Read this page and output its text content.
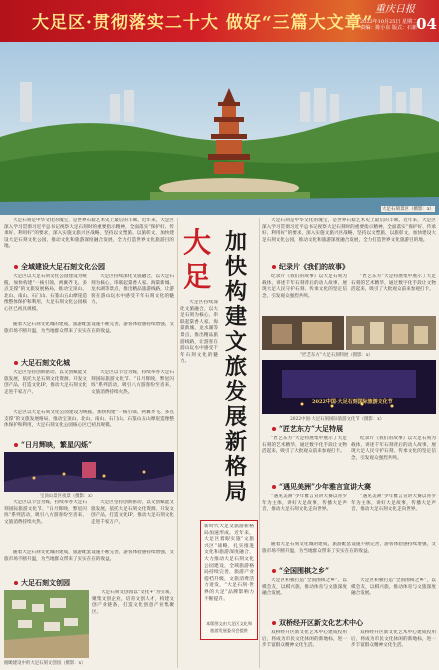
大足区·贯彻落实二十大 做好“三篇大文章”
重庆日报
2022年10月25日 星期二
责编：陈小东 版式：石新 04
大足石刻景区（摄影：x）

大足石刻是中华文化的瑰宝，是世界石窟艺术史上最后的丰碑。近年来，大足区深入学习贯彻习近平总书记视察大足石刻时的重要指示精神，全面落实“保护好、传承好、利用好”的要求，深入实施文旅兴区战略，坚持以文塑旅、以旅彰文，加快建设大足石刻文化公园，推动文化和旅游深度融合发展，全力打造世界文化旅游目的地。

全域建设大足石刻文化公园

大足区以大足石刻文化公园建设为统揽，加快构建“一核引领、两翼齐飞、多点支撑”的文旅发展格局，推动宝顶山、北山、南山、石门山、石篆山五山摩崖造像整体保护和利用，大足石刻文化公园核心区已初具规模。

大足区持续深化文旅融合，以大足石刻为核心，串联起棠香人家、海棠新城、龙水湖等景点，推出精品旅游线路，让游客在游山玩水中感受千年石刻文化的魅力。

随着大足石刻文化城的建成，旅游配套设施不断完善，游客体验感持续增强，文旅市场不断升温，为当地群众带来了实实在在的收益。

大足石刻文化城

大足区坚持创新驱动，以文创赋能文旅发展，依托大足石刻文化资源，开发文创产品，打造文化IP，推动大足石刻文化走进千家万户。

大足区以节会为媒，持续举办大足石刻国际旅游文化节、“日月辉映，繁星闪烁”系列活动，吸引八方游客纷至沓来，文旅消费持续火热。

大足区以大足石刻文化公园建设为统揽，加快构建“一核引领、两翼齐飞、多点支撑”的文旅发展格局，推动宝顶山、北山、南山、石门山、石篆山五山摩崖造像整体保护和利用，大足石刻文化公园核心区已初具规模。

“日月辉映，繁星闪烁”
宝顶山景区夜景（摄影：x）

大足区以节会为媒，持续举办大足石刻国际旅游文化节、“日月辉映，繁星闪烁”系列活动，吸引八方游客纷至沓来，文旅消费持续火热。

大足区坚持创新驱动，以文创赋能文旅发展，依托大足石刻文化资源，开发文创产品，打造文化IP，推动大足石刻文化走进千家万户。

随着大足石刻文化城的建成，旅游配套设施不断完善，游客体验感持续增强，文旅市场不断升温，为当地群众带来了实实在在的收益。

大足石刻文创园

大足石刻文创园以“文化+”为引领，聚集文创企业，培育文创人才，构建文创产业链条，打造文化创意产业集聚区。

俯瞰建设中的大足石刻文创园（摄影：x）
大足
加快构建文旅发展新格局

大足区持续深化文旅融合，以大足石刻为核心，串联起棠香人家、海棠新城、龙水湖等景点，推出精品旅游线路，让游客在游山玩水中感受千年石刻文化的魅力。

新时代大足文旅游新格局加速形成。近年来，大足区着眼实施“文旅兴区”战略，扎实推进文化和旅游深度融合，大力推动大足石刻文化公园建设，全域旅游格局持续完善，旅游产业提档升级，文旅消费活力迸发，“大足石刻·世界的大足”品牌影响力不断提升。
本版图文由大足区文化和旅游发展委员会提供

大足石刻是中华文化的瑰宝，是世界石窟艺术史上最后的丰碑。近年来，大足区深入学习贯彻习近平总书记视察大足石刻时的重要指示精神，全面落实“保护好、传承好、利用好”的要求，深入实施文旅兴区战略，坚持以文塑旅、以旅彰文，加快建设大足石刻文化公园，推动文化和旅游深度融合发展，全力打造世界文化旅游目的地。

纪录片《我们的故事》

纪录片《我们的故事》以大足石刻为载体，讲述千年石刻背后的动人故事，展现大足人民守护石刻、传承文化的坚定信念，引发观众强烈共鸣。

“匠艺东方”大足特展集中展示了大足石刻的艺术精华，通过数字化手段让文物活起来，吸引了大批观众前来参观打卡。

“匠艺东方”大足石刻特展（摄影：x）
2022中国·大足石刻国际旅游文化节
2022中国·大足石刻国际旅游文化节（摄影：x）
“匠艺东方”大足特展

“匠艺东方”大足特展集中展示了大足石刻的艺术精华，通过数字化手段让文物活起来，吸引了大批观众前来参观打卡。

纪录片《我们的故事》以大足石刻为载体，讲述千年石刻背后的动人故事，展现大足人民守护石刻、传承文化的坚定信念，引发观众强烈共鸣。

“遇见美洲”少年雅言宣讲大赛

“遇见美洲”少年雅言宣讲大赛以青少年为主体，讲好大足故事，传播大足声音，推动大足石刻文化走向世界。

“遇见美洲”少年雅言宣讲大赛以青少年为主体，讲好大足故事，传播大足声音，推动大足石刻文化走向世界。

随着大足石刻文化城的建成，旅游配套设施不断完善，游客体验感持续增强，文旅市场不断升温，为当地群众带来了实实在在的收益。

“全国围棋之乡”

大足区积极打造“全国围棋之乡”，以棋会友，以棋兴旅，推动体育与文旅深度融合发展。

大足区积极打造“全国围棋之乡”，以棋会友，以棋兴旅，推动体育与文旅深度融合发展。

双桥经开区新文化艺术中心

双桥经开区新文化艺术中心建成投用后，将成为市民文化休闲的新地标，进一步丰富群众精神文化生活。

双桥经开区新文化艺术中心建成投用后，将成为市民文化休闲的新地标，进一步丰富群众精神文化生活。
